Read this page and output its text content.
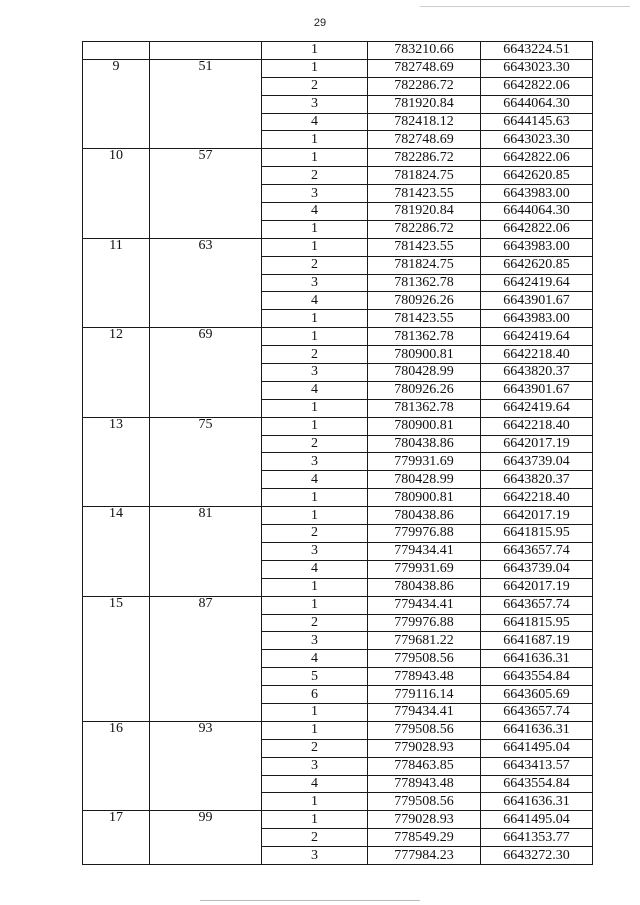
29
		1	783210.66	6643224.51
9	51	1	782748.69	6643023.30
		2	782286.72	6642822.06
		3	781920.84	6644064.30
		4	782418.12	6644145.63
		1	782748.69	6643023.30
10	57	1	782286.72	6642822.06
		2	781824.75	6642620.85
		3	781423.55	6643983.00
		4	781920.84	6644064.30
		1	782286.72	6642822.06
11	63	1	781423.55	6643983.00
		2	781824.75	6642620.85
		3	781362.78	6642419.64
		4	780926.26	6643901.67
		1	781423.55	6643983.00
12	69	1	781362.78	6642419.64
		2	780900.81	6642218.40
		3	780428.99	6643820.37
		4	780926.26	6643901.67
		1	781362.78	6642419.64
13	75	1	780900.81	6642218.40
		2	780438.86	6642017.19
		3	779931.69	6643739.04
		4	780428.99	6643820.37
		1	780900.81	6642218.40
14	81	1	780438.86	6642017.19
		2	779976.88	6641815.95
		3	779434.41	6643657.74
		4	779931.69	6643739.04
		1	780438.86	6642017.19
15	87	1	779434.41	6643657.74
		2	779976.88	6641815.95
		3	779681.22	6641687.19
		4	779508.56	6641636.31
		5	778943.48	6643554.84
		6	779116.14	6643605.69
		1	779434.41	6643657.74
16	93	1	779508.56	6641636.31
		2	779028.93	6641495.04
		3	778463.85	6643413.57
		4	778943.48	6643554.84
		1	779508.56	6641636.31
17	99	1	779028.93	6641495.04
		2	778549.29	6641353.77
		3	777984.23	6643272.30
